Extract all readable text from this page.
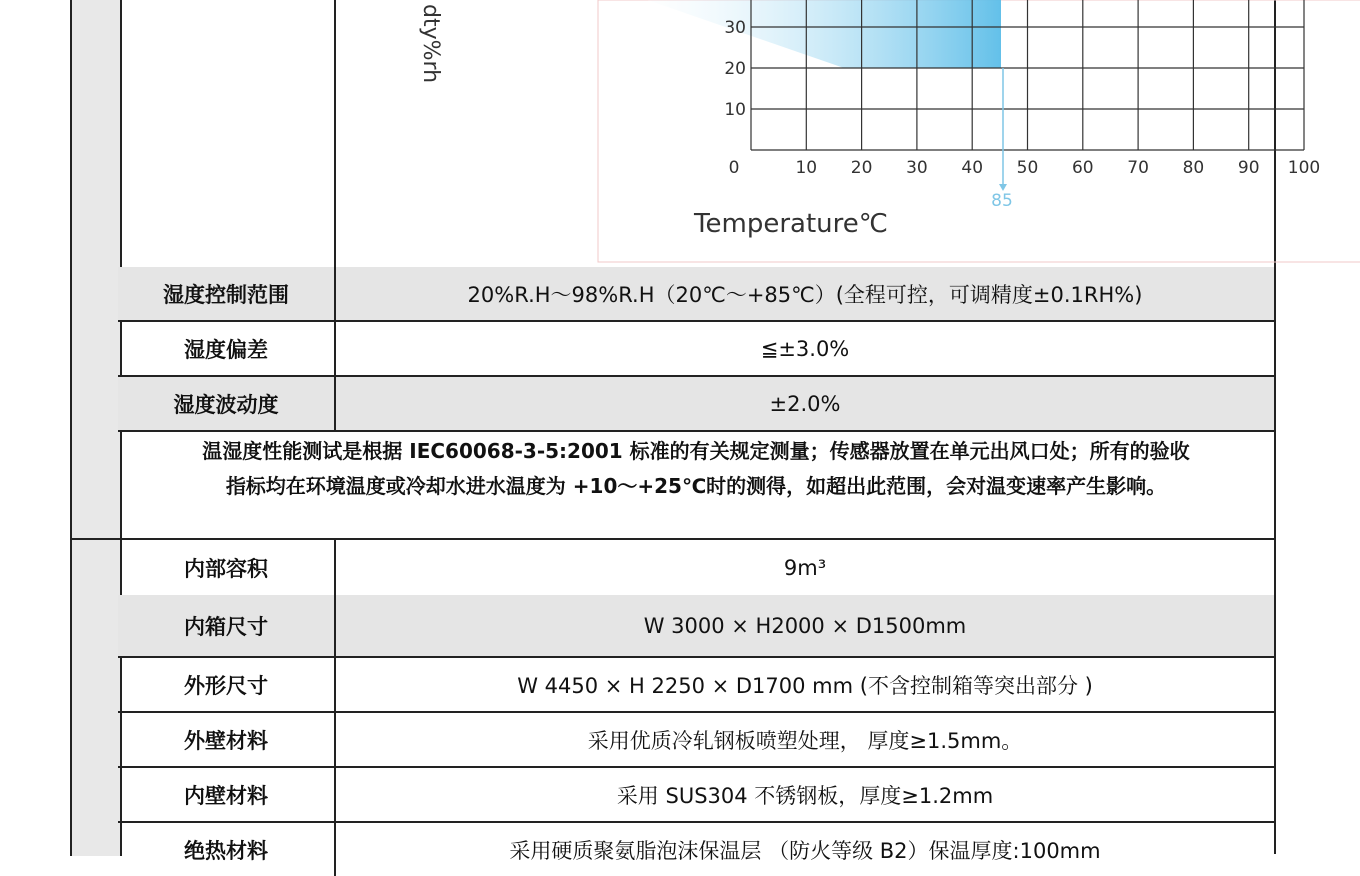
dty%rh
Temperature℃
0	10 20 30 40 50 60 70 80 90 100
30
20
10
85
湿度控制范围	20%R.H～98%R.H（20℃～+85℃）(全程可控，可调精度±0.1RH%)
湿度偏差	≦±3.0%
湿度波动度	±2.0%
温湿度性能测试是根据 IEC60068-3-5:2001 标准的有关规定测量；传感器放置在单元出风口处；所有的验收
指标均在环境温度或冷却水进水温度为 +10～+25℃时的测得，如超出此范围，会对温变速率产生影响。
内部容积	9m³
内箱尺寸	W 3000 × H2000 × D1500mm
外形尺寸	W 4450 × H 2250 × D1700 mm (不含控制箱等突出部分 )
外壁材料	采用优质冷轧钢板喷塑处理， 厚度≥1.5mm。
内壁材料	采用 SUS304 不锈钢板，厚度≥1.2mm
绝热材料	采用硬质聚氨脂泡沫保温层 （防火等级 B2）保温厚度:100mm
